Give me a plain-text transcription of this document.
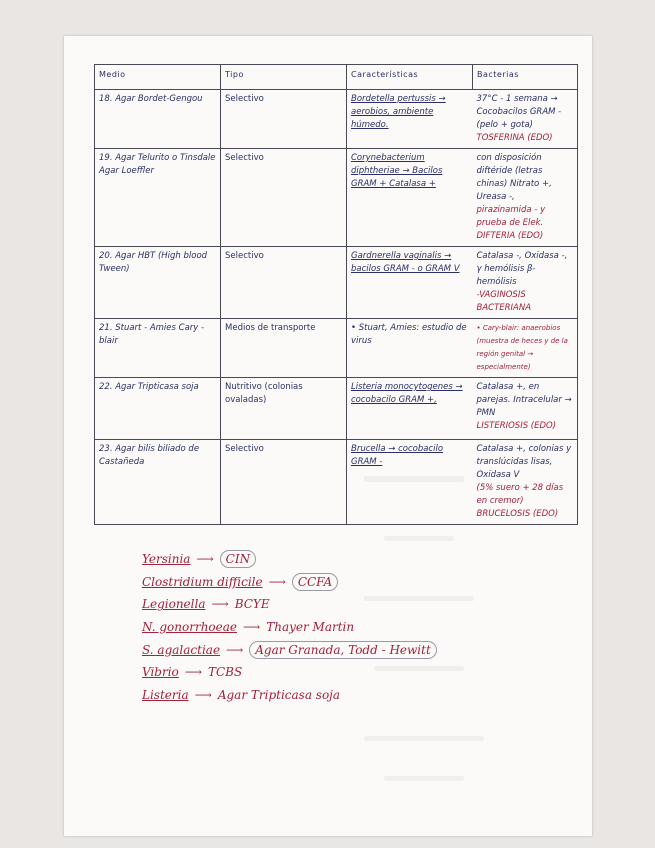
Medio	Tipo	Características	Bacterias
18. Agar Bordet-Gengou	Selectivo	Bordetella pertussis → aerobios, ambiente húmedo.	37°C - 1 semana → Cocobacilos GRAM - (pelo + gota)
TOSFERINA (EDO)

19. Agar Telurito o Tinsdale Agar Loeffler	Selectivo	Corynebacterium diphtheriae → Bacilos GRAM + Catalasa +	con disposición diftéride (letras chinas) Nitrato +, Ureasa -,
pirazinamida - y prueba de Elek. DIFTERIA (EDO)

20. Agar HBT (High blood Tween)	Selectivo	Gardnerella vaginalis → bacilos GRAM - o GRAM V	Catalasa -, Oxidasa -, γ hemólisis β-hemólisis
-VAGINOSIS BACTERIANA

21. Stuart - Amies Cary - blair	Medios de transporte	• Stuart, Amies: estudio de virus	• Cary-blair: anaerobios (muestra de heces y de la región genital → especialmente)

22. Agar Tripticasa soja	Nutritivo (colonias ovaladas)	Listeria monocytogenes → cocobacilo GRAM +,	Catalasa +, en parejas. Intracelular → PMN
LISTERIOSIS (EDO)

23. Agar bilis biliado de Castañeda	Selectivo	Brucella → cocobacilo GRAM -	Catalasa +, colonias y translúcidas lisas, Oxidasa V
(5% suero + 28 días en cremor) BRUCELOSIS (EDO)
Yersinia ⟶	CIN
Clostridium difficile ⟶	CCFA
Legionella ⟶ BCYE
N. gonorrhoeae ⟶ Thayer Martin
S. agalactiae ⟶	Agar Granada, Todd - Hewitt
Vibrio ⟶ TCBS
Listeria ⟶ Agar Tripticasa soja
